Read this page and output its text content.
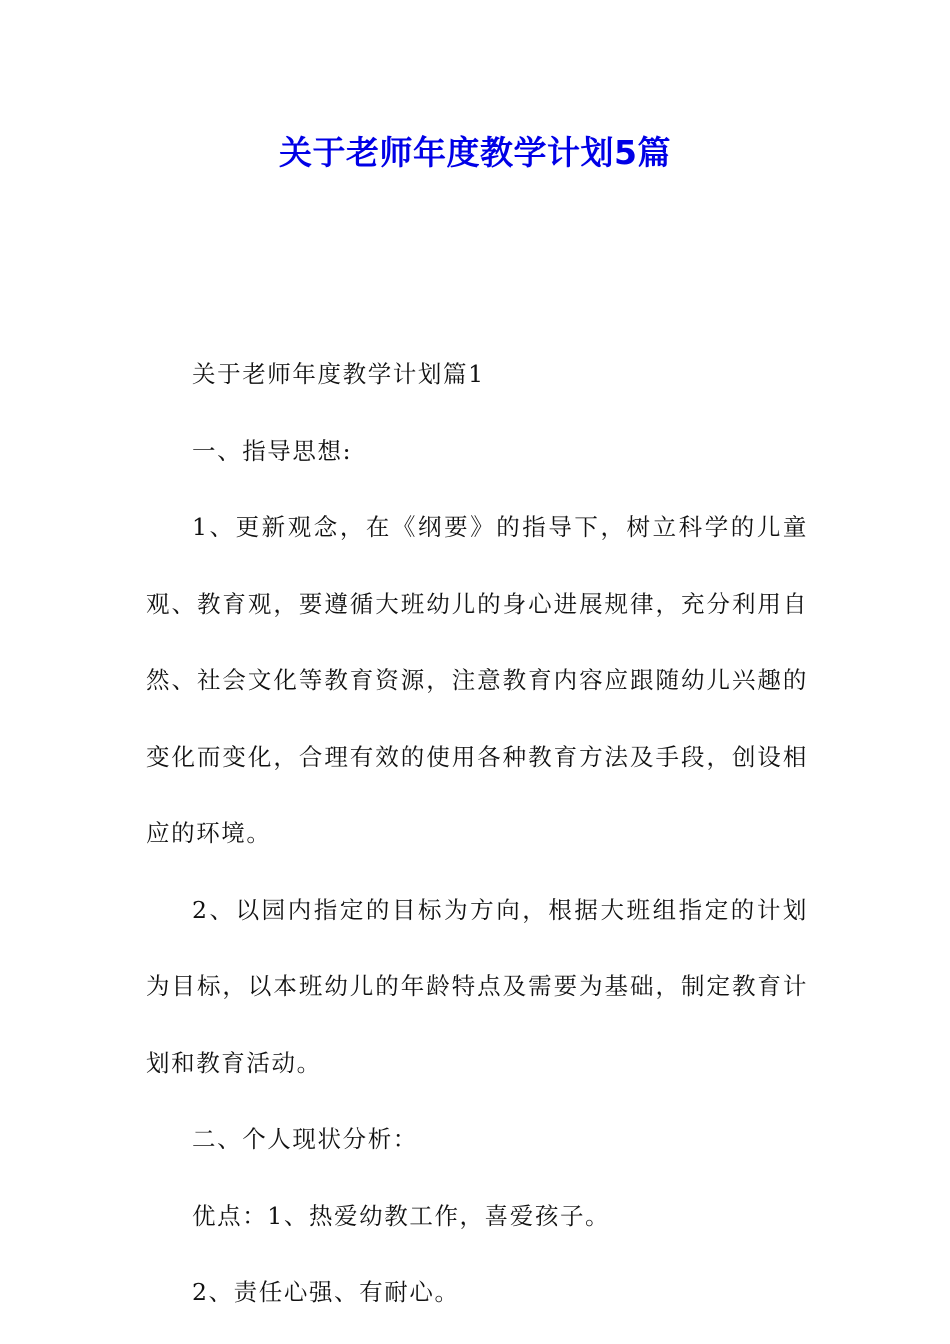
关于老师年度教学计划5篇

关于老师年度教学计划篇1

一、指导思想:

1、更新观念，在《纲要》的指导下，树立科学的儿童观、教育观，要遵循大班幼儿的身心进展规律，充分利用自然、社会文化等教育资源，注意教育内容应跟随幼儿兴趣的变化而变化，合理有效的使用各种教育方法及手段，创设相应的环境。

2、以园内指定的目标为方向，根据大班组指定的计划为目标，以本班幼儿的年龄特点及需要为基础，制定教育计划和教育活动。

二、个人现状分析：

优点：1、热爱幼教工作，喜爱孩子。

2、责任心强、有耐心。
